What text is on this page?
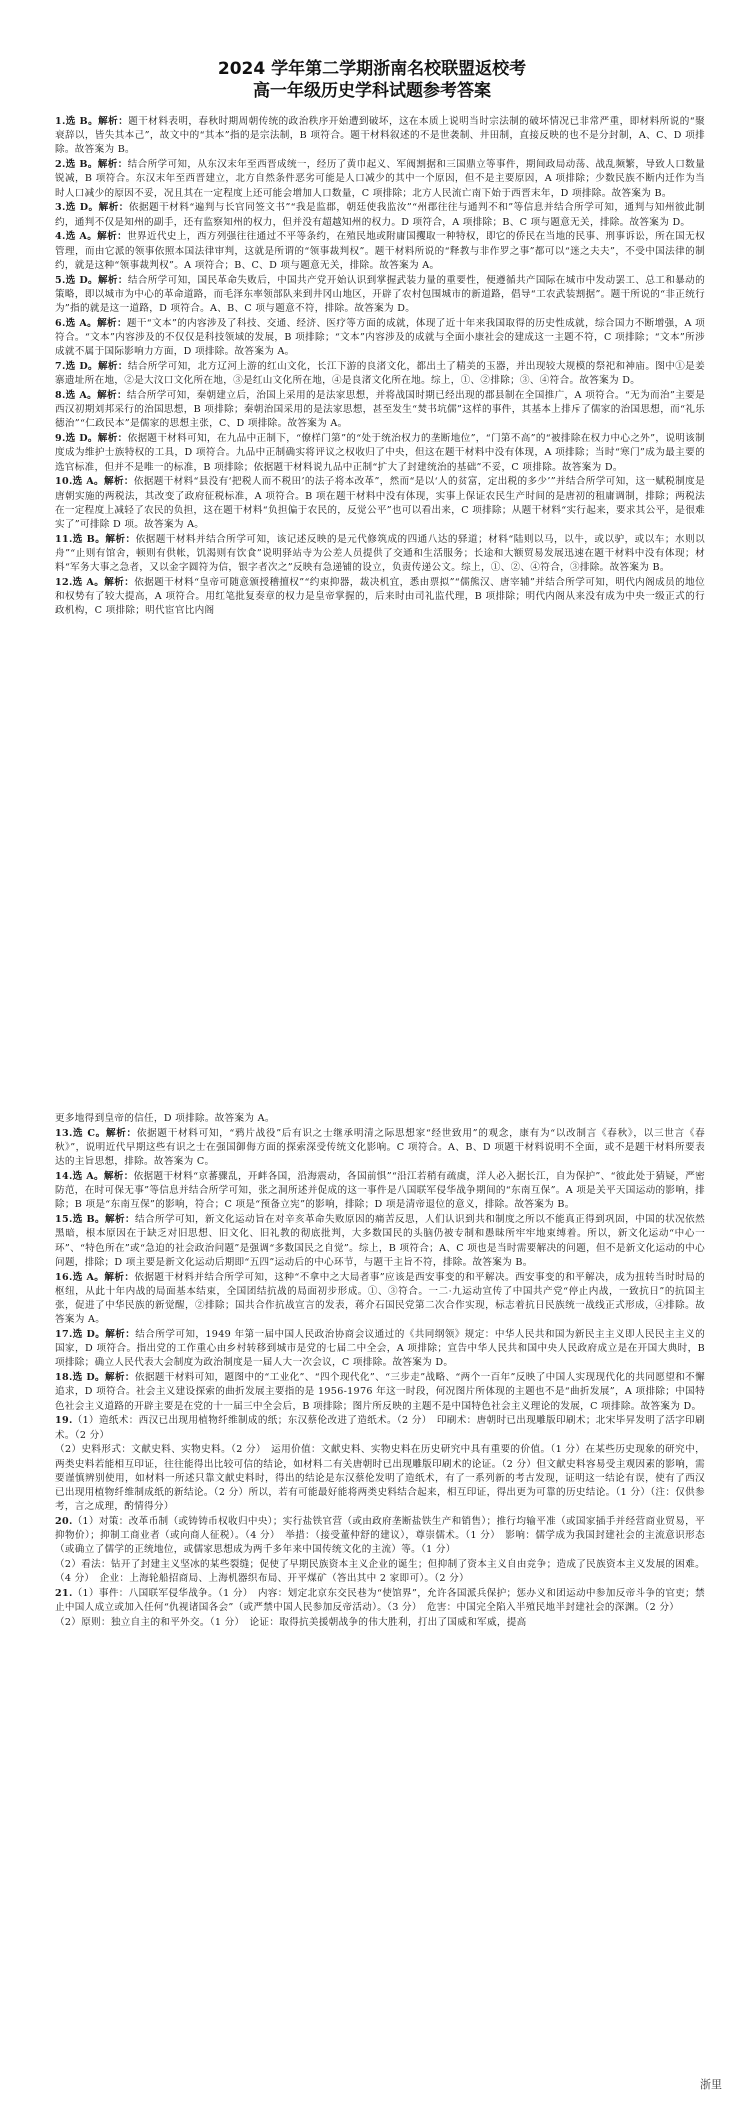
2024 学年第二学期浙南名校联盟返校考

高一年级历史学科试题参考答案

1.选 B。解析：题干材料表明，春秋时期周朝传统的政治秩序开始遭到破坏，这在本质上说明当时宗法制的破坏情况已非常严重，即材料所说的“聚衰辞以，皆失其本己”，故文中的“其本”指的是宗法制，B 项符合。题干材料叙述的不是世袭制、井田制，直接反映的也不是分封制，A、C、D 项排除。故答案为 B。

2.选 B。解析：结合所学可知，从东汉末年至西晋成统一，经历了黄巾起义、军阀割据和三国鼎立等事件，期间政局动荡、战乱频繁，导致人口数量锐减，B 项符合。东汉末年至西晋建立，北方自然条件恶劣可能是人口减少的其中一个原因，但不是主要原因，A 项排除；少数民族不断内迁作为当时人口减少的原因不妥，况且其在一定程度上还可能会增加人口数量，C 项排除；北方人民流亡南下始于西晋末年，D 项排除。故答案为 B。

3.选 D。解析：依据题干材料“遍判与长官同签文书”“我是监郡，朝廷使我监汝”“州郡往往与通判不和”等信息并结合所学可知，通判与知州彼此制约，通判不仅是知州的副手，还有监察知州的权力，但并没有超越知州的权力。D 项符合，A 项排除；B、C 项与题意无关，排除。故答案为 D。

4.选 A。解析：世界近代史上，西方列强往往通过不平等条约，在殖民地或附庸国攫取一种特权，即它的侨民在当地的民事、刑事诉讼，所在国无权管理，而由它派的领事依照本国法律审判，这就是所谓的“领事裁判权”。题干材料所说的“释教与非作罗之事”都可以“迷之夫夫”，不受中国法律的制约，就是这种“领事裁判权”。A 项符合；B、C、D 项与题意无关，排除。故答案为 A。

5.选 D。解析：结合所学可知，国民革命失败后，中国共产党开始认识到掌握武装力量的重要性，便遵循共产国际在城市中发动罢工、总工和暴动的策略，即以城市为中心的革命道路，而毛泽东率领部队来到井冈山地区，开辟了农村包围城市的新道路，倡导“工农武装割据”。题干所说的“非正统行为”指的就是这一道路，D 项符合。A、B、C 项与题意不符，排除。故答案为 D。

6.选 A。解析：题干“文本”的内容涉及了科技、交通、经济、医疗等方面的成就，体现了近十年来我国取得的历史性成就，综合国力不断增强，A 项符合。“文本”内容涉及的不仅仅是科技领域的发展，B 项排除；“文本”内容涉及的成就与全面小康社会的建成这一主题不符，C 项排除；“文本”所涉成就不属于国际影响力方面，D 项排除。故答案为 A。

7.选 D。解析：结合所学可知，北方辽河上游的红山文化，长江下游的良渚文化，都出土了精美的玉器，并出现较大规模的祭祀和神庙。图中①是姜寨遗址所在地，②是大汶口文化所在地，③是红山文化所在地，④是良渚文化所在地。综上，①、②排除；③、④符合。故答案为 D。

8.选 A。解析：结合所学可知，秦朝建立后，治国上采用的是法家思想，并将战国时期已经出现的郡县制在全国推广，A 项符合。“无为而治”主要是西汉初期刘邦采行的治国思想，B 项排除；秦朝治国采用的是法家思想，甚至发生“焚书坑儒”这样的事件，其基本上排斥了儒家的治国思想，而“礼乐德治”“仁政民本”是儒家的思想主张，C、D 项排除。故答案为 A。

9.选 D。解析：依据题干材料可知，在九品中正制下，“僚样门第”的“处于统治权力的垄断地位”，“门第不高”的“被排除在权力中心之外”，说明该制度成为维护士族特权的工具，D 项符合。九品中正制确实将评议之权收归了中央，但这在题干材料中没有体现，A 项排除；当时“寒门”成为最主要的选官标准，但并不是唯一的标准，B 项排除；依据题干材料说九品中正制“扩大了封建统治的基础”不妥，C 项排除。故答案为 D。

10.选 A。解析：依据题干材料“县没有‘把税人而不税田’的法子将本改革”，然而“是以‘人的贫富，定出税的多少’”并结合所学可知，这一赋税制度是唐朝实施的两税法，其改变了政府征税标准，A 项符合。B 项在题干材料中没有体现，实事上保证农民生产时间的是唐初的租庸调制，排除；两税法在一定程度上减轻了农民的负担，这在题干材料“负担偏于农民的，反觉公平”也可以看出来，C 项排除；从题干材料“实行起来，要求其公平，是很难实了”可排除 D 项。故答案为 A。

11.选 B。解析：依据题干材料并结合所学可知，该记述反映的是元代修筑成的四通八达的驿道；材料“陆则以马，以牛，或以驴，或以车；水则以舟”“止则有馆舍，顿则有供帐，饥渴则有饮食”说明驿站寺为公差人员提供了交通和生活服务；长途和大额贸易发展迅速在题干材料中没有体现；材料“军务大事之急者，又以金字圆符为信，银字者次之”反映有急递铺的设立，负责传递公文。综上，①、②、④符合，③排除。故答案为 B。

12.选 A。解析：依据题干材料“皇帝可随意颁授稽擅权”“约束抑器，裁决机宜，悉由票拟”“儒熊汉、唐宰辅”并结合所学可知，明代内阁成员的地位和权势有了较大提高，A 项符合。用红笔批复奏章的权力是皇帝掌握的，后来时由司礼监代理，B 项排除；明代内阁从来没有成为中央一级正式的行政机构，C 项排除；明代宦官比内阁

更多地得到皇帝的信任，D 项排除。故答案为 A。

13.选 C。解析：依据题干材料可知，“鸦片战役”后有识之士继承明清之际思想家“经世致用”的观念，康有为“以改制言《春秋》，以三世言《春秋》”，说明近代早期这些有识之士在强国御侮方面的探索深受传统文化影响。C 项符合。A、B、D 项题干材料说明不全面，或不是题干材料所要表达的主旨思想，排除。故答案为 C。

14.选 A。解析：依据题干材料“京蕃骤乱，开衅各国，沿海震动，各国前惧”“沿江若稍有疏虞，洋人必入据长江，自为保护”、“彼此处于猜疑，严密防范，在时可保无事”等信息并结合所学可知，张之洞所述并促成的这一事件是八国联军侵华战争期间的“东南互保”。A 项是关平天国运动的影响，排除；B 项是“东南互保”的影响，符合；C 项是“预备立宪”的影响，排除；D 项是清帝退位的意义，排除。故答案为 B。

15.选 B。解析：结合所学可知，新文化运动旨在对辛亥革命失败原因的痛苦反思，人们认识到共和制度之所以不能真正得到巩固，中国的状况依然黑暗，根本原因在于缺乏对旧思想、旧文化、旧礼教的彻底批判，大多数国民的头脑仍被专制和愚昧所牢牢地束缚着。所以，新文化运动“中心一环”、“特色所在”或“急迫的社会政治问题”是强调“多数国民之自觉”。综上，B 项符合；A、C 项也是当时需要解决的问题，但不是新文化运动的中心问题，排除；D 项主要是新文化运动后期即“五四”运动后的中心环节，与题干主旨不符，排除。故答案为 B。

16.选 A。解析：依据题干材料并结合所学可知，这种“不拿中之大局者事”应该是西安事变的和平解决。西安事变的和平解决，成为扭转当时时局的枢纽，从此十年内战的局面基本结束，全国团结抗战的局面初步形成。①、③符合。一二·九运动宣传了中国共产党“停止内战，一致抗日”的抗国主张，促进了中华民族的新觉醒，②排除；国共合作抗战宣言的发表，蒋介石国民党第二次合作实现，标志着抗日民族统一战线正式形成，④排除。故答案为 A。

17.选 D。解析：结合所学可知，1949 年第一届中国人民政治协商会议通过的《共同纲领》规定：中华人民共和国为新民主主义即人民民主主义的国家，D 项符合。指出党的工作重心由乡村转移到城市是党的七届二中全会，A 项排除；宣告中华人民共和国中央人民政府成立是在开国大典时，B 项排除；确立人民代表大会制度为政治制度是一届人大一次会议，C 项排除。故答案为 D。

18.选 D。解析：依据题干材料可知，题图中的“工业化”、“四个现代化”、“三步走”战略、“两个一百年”反映了中国人实现现代化的共同愿望和不懈追求，D 项符合。社会主义建设探索的曲折发展主要指的是 1956-1976 年这一时段，何况图片所体现的主题也不是“曲折发展”，A 项排除；中国特色社会主义道路的开辟主要是在党的十一届三中全会后，B 项排除；图片所反映的主题不是中国特色社会主义理论的发展，C 项排除。故答案为 D。

19.（1）造纸术：西汉已出现用植物纤维制成的纸；东汉蔡伦改进了造纸术。（2 分）　印刷术：唐朝时已出现雕版印刷术；北宋毕昇发明了活字印刷术。（2 分）

（2）史料形式：文献史料、实物史料。（2 分）　运用价值：文献史料、实物史料在历史研究中具有重要的价值。（1 分）在某些历史现象的研究中，两类史料若能相互印证，往往能得出比较可信的结论，如材料二有关唐朝时已出现雕版印刷术的论证。（2 分）但文献史料容易受主观因素的影响，需要谨慎辨别使用，如材料一所述只靠文献史料时，得出的结论是东汉蔡伦发明了造纸术，有了一系列新的考古发现，证明这一结论有误，使有了西汉已出现用植物纤维制成纸的新结论。（2 分）所以，若有可能最好能将两类史料结合起来，相互印证，得出更为可靠的历史结论。（1 分）（注：仅供参考，言之成理，酌情得分）

20.（1）对策：改革币制（或铸铸币权收归中央）；实行盐铁官营（或由政府垄断盐铁生产和销售）；推行均输平准（或国家插手并经营商业贸易，平抑物价）；抑制工商业者（或向商人征税）。（4 分）　举措：（接受董仲舒的建议），尊崇儒术。（1 分）　影响：儒学成为我国封建社会的主流意识形态（或确立了儒学的正统地位，或儒家思想成为两千多年来中国传统文化的主流）等。（1 分）

（2）看法：钻开了封建主义坚冰的某些裂缝；促使了早期民族资本主义企业的诞生；但抑制了资本主义自由竞争；造成了民族资本主义发展的困难。（4 分）　企业：上海轮船招商局、上海机器织布局、开平煤矿（答出其中 2 家即可）。（2 分）

21.（1）事件：八国联军侵华战争。（1 分）　内容：划定北京东交民巷为“使馆界”，允许各国派兵保护；惩办义和团运动中参加反帝斗争的官吏；禁止中国人成立或加入任何“仇视诸国各会”（或严禁中国人民参加反帝活动）。（3 分）　危害：中国完全陷入半殖民地半封建社会的深渊。（2 分）

（2）原则：独立自主的和平外交。（1 分）　论证：取得抗美援朝战争的伟大胜利，打出了国威和军威，提高

浙里
